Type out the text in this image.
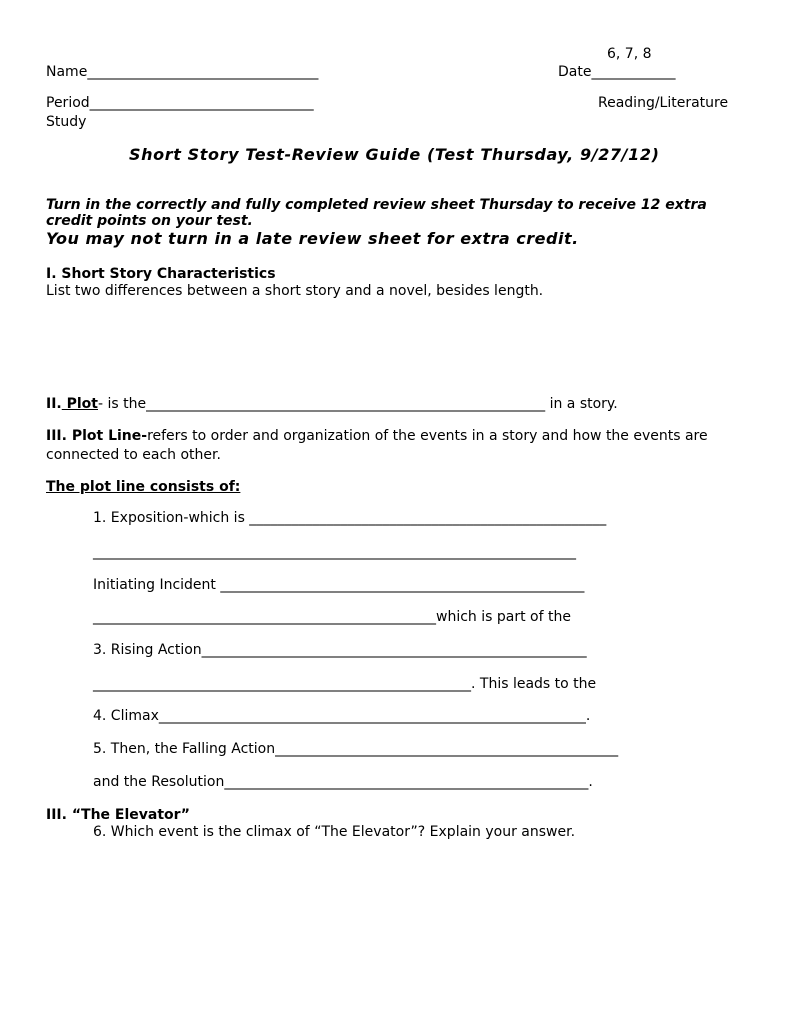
6, 7, 8
Name_________________________________	Date____________
Period________________________________	Reading/Literature
Study
Short Story Test-Review Guide (Test Thursday, 9/27/12)
Turn in the correctly and fully completed review sheet Thursday to receive 12 extra credit points on your test.
You may not turn in a late review sheet for extra credit.
I. Short Story Characteristics
List two differences between a short story and a novel, besides length.
II. Plot- is the_________________________________________________________ in a story.
III. Plot Line-refers to order and organization of the events in a story and how the events are connected to each other.
The plot line consists of:
1. Exposition-which is ___________________________________________________
_____________________________________________________________________
Initiating Incident ____________________________________________________
_________________________________________________which is part of the
3. Rising Action_______________________________________________________
______________________________________________________. This leads to the
4. Climax_____________________________________________________________.
5. Then, the Falling Action_________________________________________________
and the Resolution____________________________________________________.
III. “The Elevator”
6. Which event is the climax of “The Elevator”? Explain your answer.
